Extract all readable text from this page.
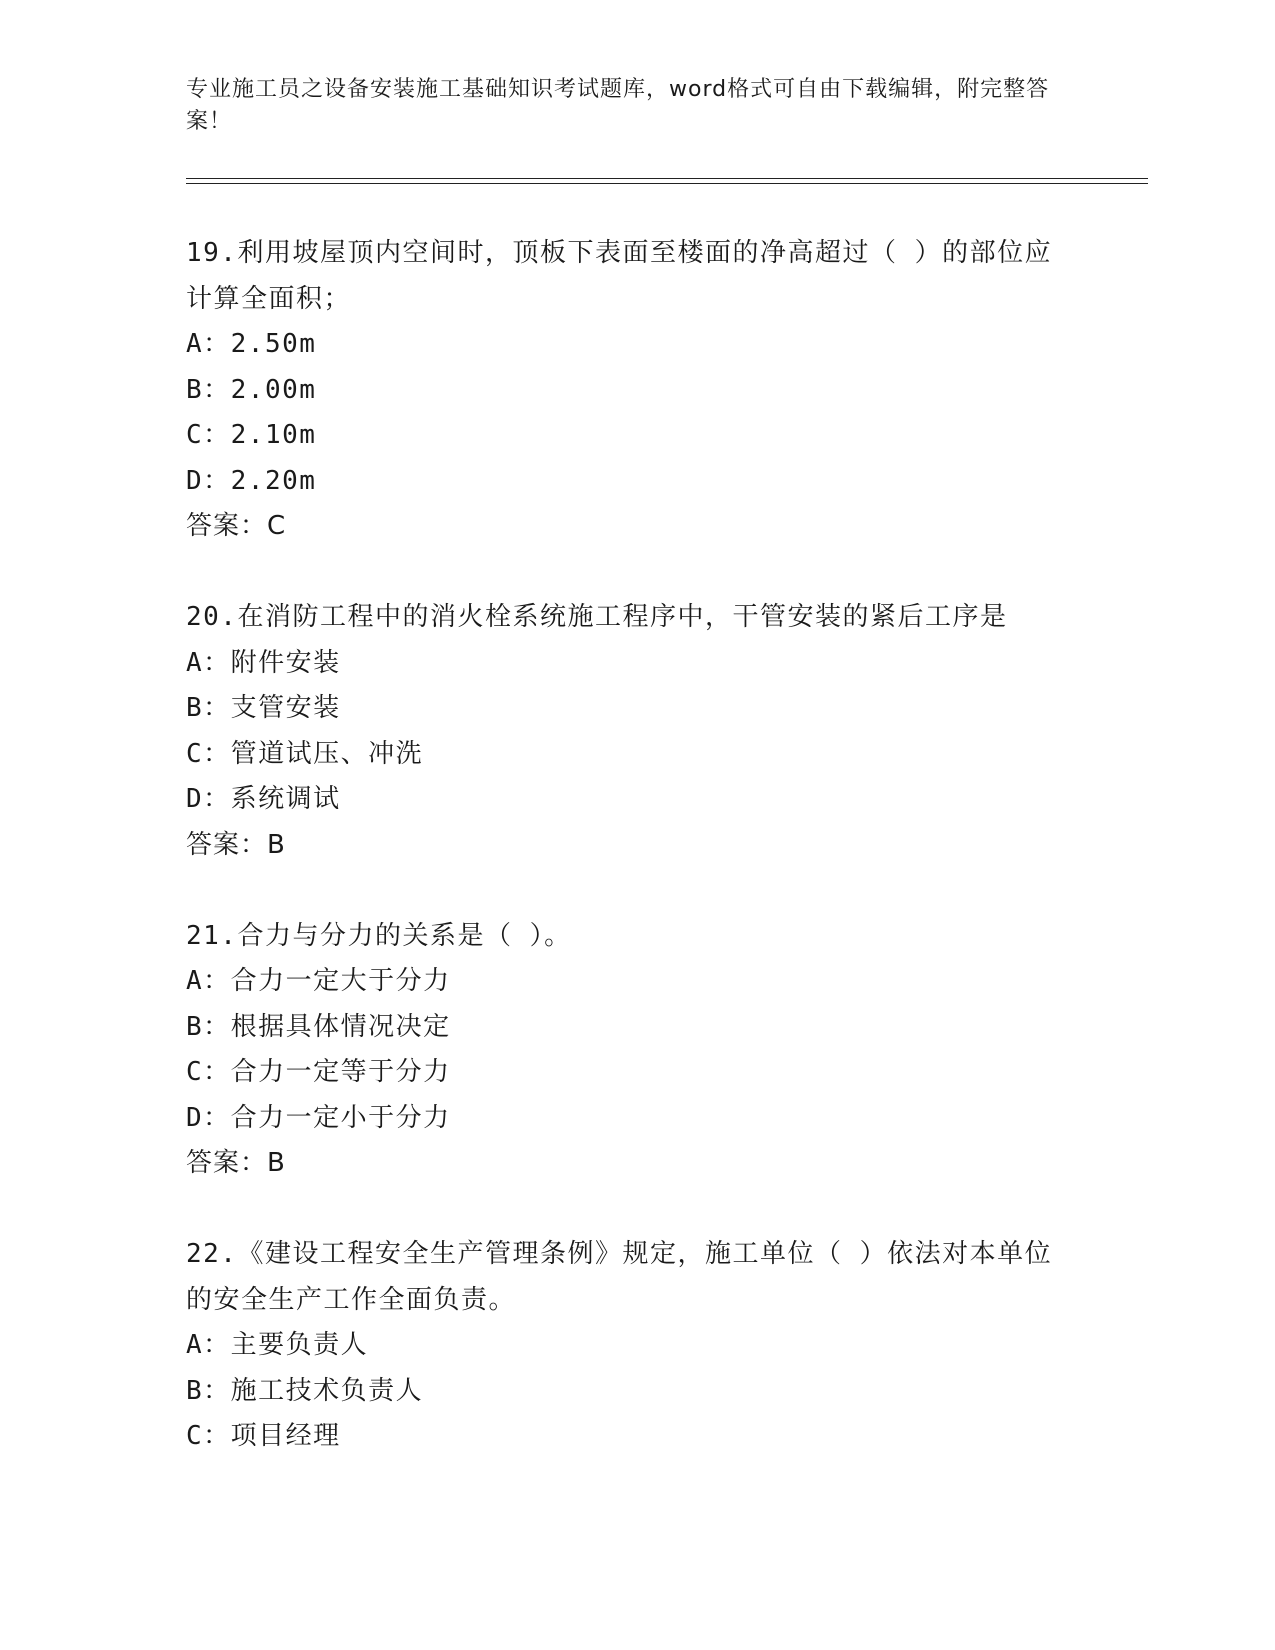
专业施工员之设备安装施工基础知识考试题库，word格式可自由下载编辑，附完整答案！
19.利用坡屋顶内空间时，顶板下表面至楼面的净高超过（ ）的部位应计算全面积；
A：2.50m
B：2.00m
C：2.10m
D：2.20m
答案：C
20.在消防工程中的消火栓系统施工程序中，干管安装的紧后工序是
A：附件安装
B：支管安装
C：管道试压、冲洗
D：系统调试
答案：B
21.合力与分力的关系是（ ）。
A：合力一定大于分力
B：根据具体情况决定
C：合力一定等于分力
D：合力一定小于分力
答案：B
22.《建设工程安全生产管理条例》规定，施工单位（ ）依法对本单位的安全生产工作全面负责。
A：主要负责人
B：施工技术负责人
C：项目经理
